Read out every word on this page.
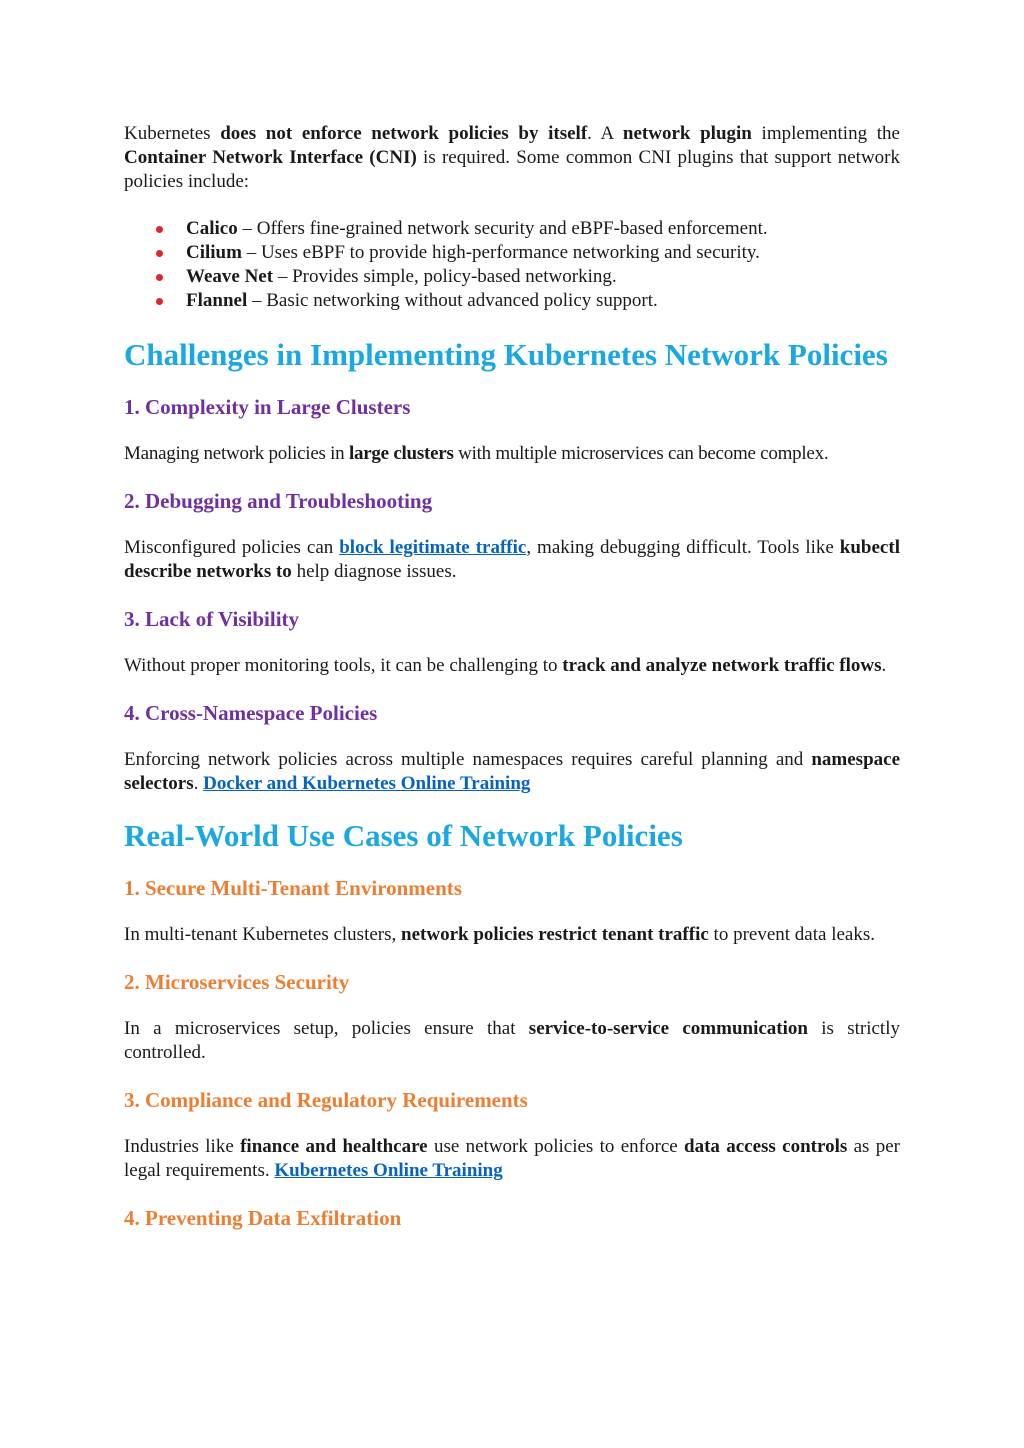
Kubernetes does not enforce network policies by itself. A network plugin implementing the Container Network Interface (CNI) is required. Some common CNI plugins that support network policies include:

Calico – Offers fine-grained network security and eBPF-based enforcement.
Cilium – Uses eBPF to provide high-performance networking and security.
Weave Net – Provides simple, policy-based networking.
Flannel – Basic networking without advanced policy support.
Challenges in Implementing Kubernetes Network Policies
1. Complexity in Large Clusters

Managing network policies in large clusters with multiple microservices can become complex.

2. Debugging and Troubleshooting

Misconfigured policies can block legitimate traffic, making debugging difficult. Tools like kubectl describe networks to help diagnose issues.

3. Lack of Visibility

Without proper monitoring tools, it can be challenging to track and analyze network traffic flows.

4. Cross-Namespace Policies

Enforcing network policies across multiple namespaces requires careful planning and namespace selectors. Docker and Kubernetes Online Training

Real-World Use Cases of Network Policies
1. Secure Multi-Tenant Environments

In multi-tenant Kubernetes clusters, network policies restrict tenant traffic to prevent data leaks.

2. Microservices Security

In a microservices setup, policies ensure that service-to-service communication is strictly controlled.

3. Compliance and Regulatory Requirements

Industries like finance and healthcare use network policies to enforce data access controls as per legal requirements. Kubernetes Online Training

4. Preventing Data Exfiltration
